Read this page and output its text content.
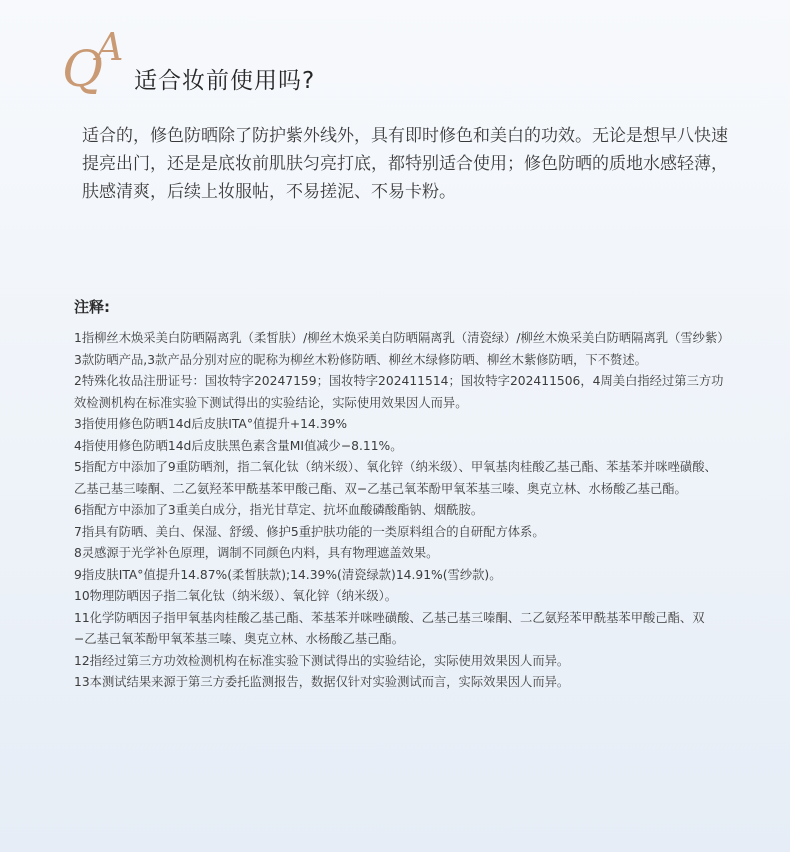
Q
A
适合妆前使用吗?

适合的，修色防晒除了防护紫外线外，具有即时修色和美白的功效。无论是想早八快速提亮出门，还是是底妆前肌肤匀亮打底，都特别适合使用；修色防晒的质地水感轻薄，肤感清爽，后续上妆服帖，不易搓泥、不易卡粉。

注释:
1指柳丝木焕采美白防晒隔离乳（柔皙肤）/柳丝木焕采美白防晒隔离乳（清瓷绿）/柳丝木焕采美白防晒隔离乳（雪纱紫）3款防晒产品,3款产品分别对应的昵称为柳丝木粉修防晒、柳丝木绿修防晒、柳丝木紫修防晒，下不赘述。
2特殊化妆品注册证号：国妆特字20247159；国妆特字202411514；国妆特字202411506，4周美白指经过第三方功效检测机构在标准实验下测试得出的实验结论，实际使用效果因人而异。
3指使用修色防晒14d后皮肤ITA°值提升+14.39%
4指使用修色防晒14d后皮肤黑色素含量MI值减少−8.11%。
5指配方中添加了9重防晒剂，指二氧化钛（纳米级）、氧化锌（纳米级）、甲氧基肉桂酸乙基己酯、苯基苯并咪唑磺酸、乙基己基三嗪酮、二乙氨羟苯甲酰基苯甲酸己酯、双−乙基己氧苯酚甲氧苯基三嗪、奥克立林、水杨酸乙基己酯。
6指配方中添加了3重美白成分，指光甘草定、抗坏血酸磷酸酯钠、烟酰胺。
7指具有防晒、美白、保湿、舒缓、修护5重护肤功能的一类原料组合的自研配方体系。
8灵感源于光学补色原理，调制不同颜色内料，具有物理遮盖效果。
9指皮肤ITA°值提升14.87%(柔皙肤款);14.39%(清瓷绿款)14.91%(雪纱款)。
10物理防晒因子指二氧化钛（纳米级）、氧化锌（纳米级）。
11化学防晒因子指甲氧基肉桂酸乙基己酯、苯基苯并咪唑磺酸、乙基己基三嗪酮、二乙氨羟苯甲酰基苯甲酸己酯、双−乙基己氧苯酚甲氧苯基三嗪、奥克立林、水杨酸乙基己酯。
12指经过第三方功效检测机构在标准实验下测试得出的实验结论，实际使用效果因人而异。
13本测试结果来源于第三方委托监测报告，数据仅针对实验测试而言，实际效果因人而异。
